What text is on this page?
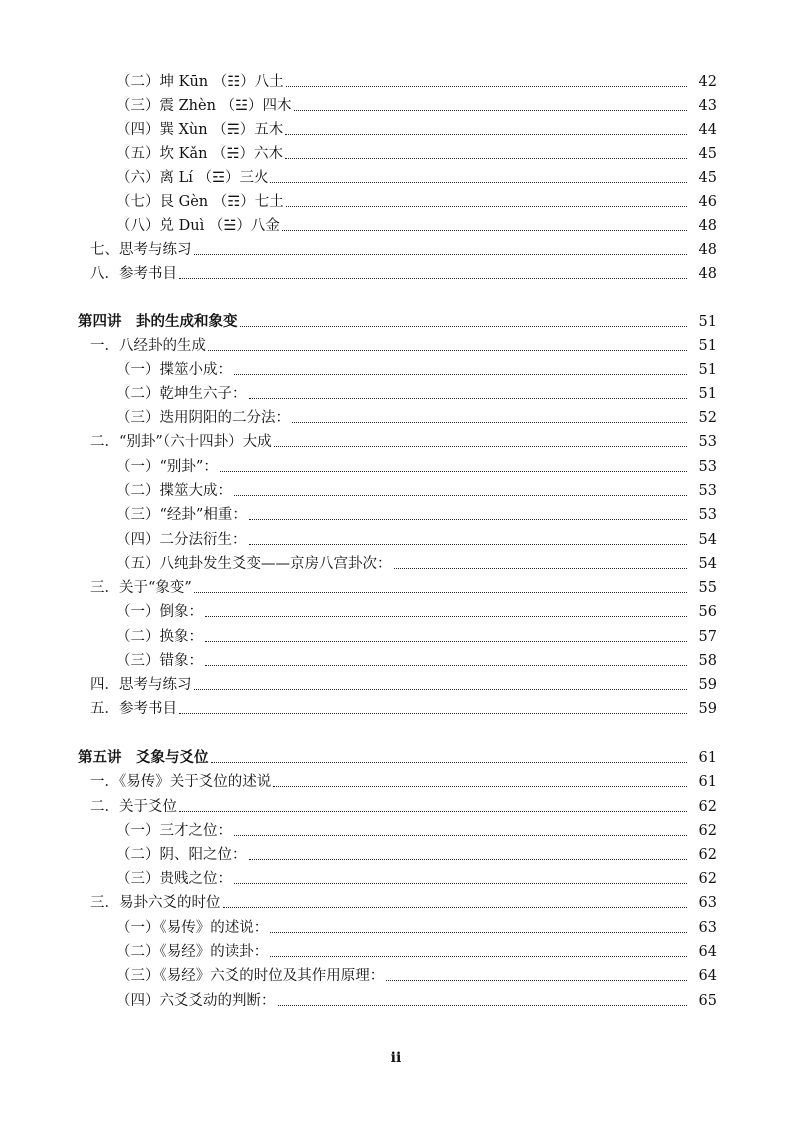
（二）坤 Kūn （☷）八土	42
（三）震 Zhèn （☳）四木	43
（四）巽 Xùn （☴）五木	44
（五）坎 Kǎn （☵）六木	45
（六）离 Lí （☲）三火	45
（七）艮 Gèn （☶）七土	46
（八）兑 Duì （☱）八金	48
七、思考与练习	48
八．参考书目	48
第四讲　卦的生成和象变	51
一．八经卦的生成	51
（一）揲筮小成：	51
（二）乾坤生六子：	51
（三）迭用阴阳的二分法：	52
二．“别卦”（六十四卦）大成	53
（一）“别卦”：	53
（二）揲筮大成：	53
（三）“经卦”相重：	53
（四）二分法衍生：	54
（五）八纯卦发生爻变——京房八宫卦次：	54
三．关于“象变”	55
（一）倒象：	56
（二）换象：	57
（三）错象：	58
四．思考与练习	59
五．参考书目	59
第五讲　爻象与爻位	61
一．《易传》关于爻位的述说	61
二．关于爻位	62
（一）三才之位：	62
（二）阴、阳之位：	62
（三）贵贱之位：	62
三．易卦六爻的时位	63
（一）《易传》的述说：	63
（二）《易经》的读卦：	64
（三）《易经》六爻的时位及其作用原理：	64
（四）六爻爻动的判断：	65
ii
